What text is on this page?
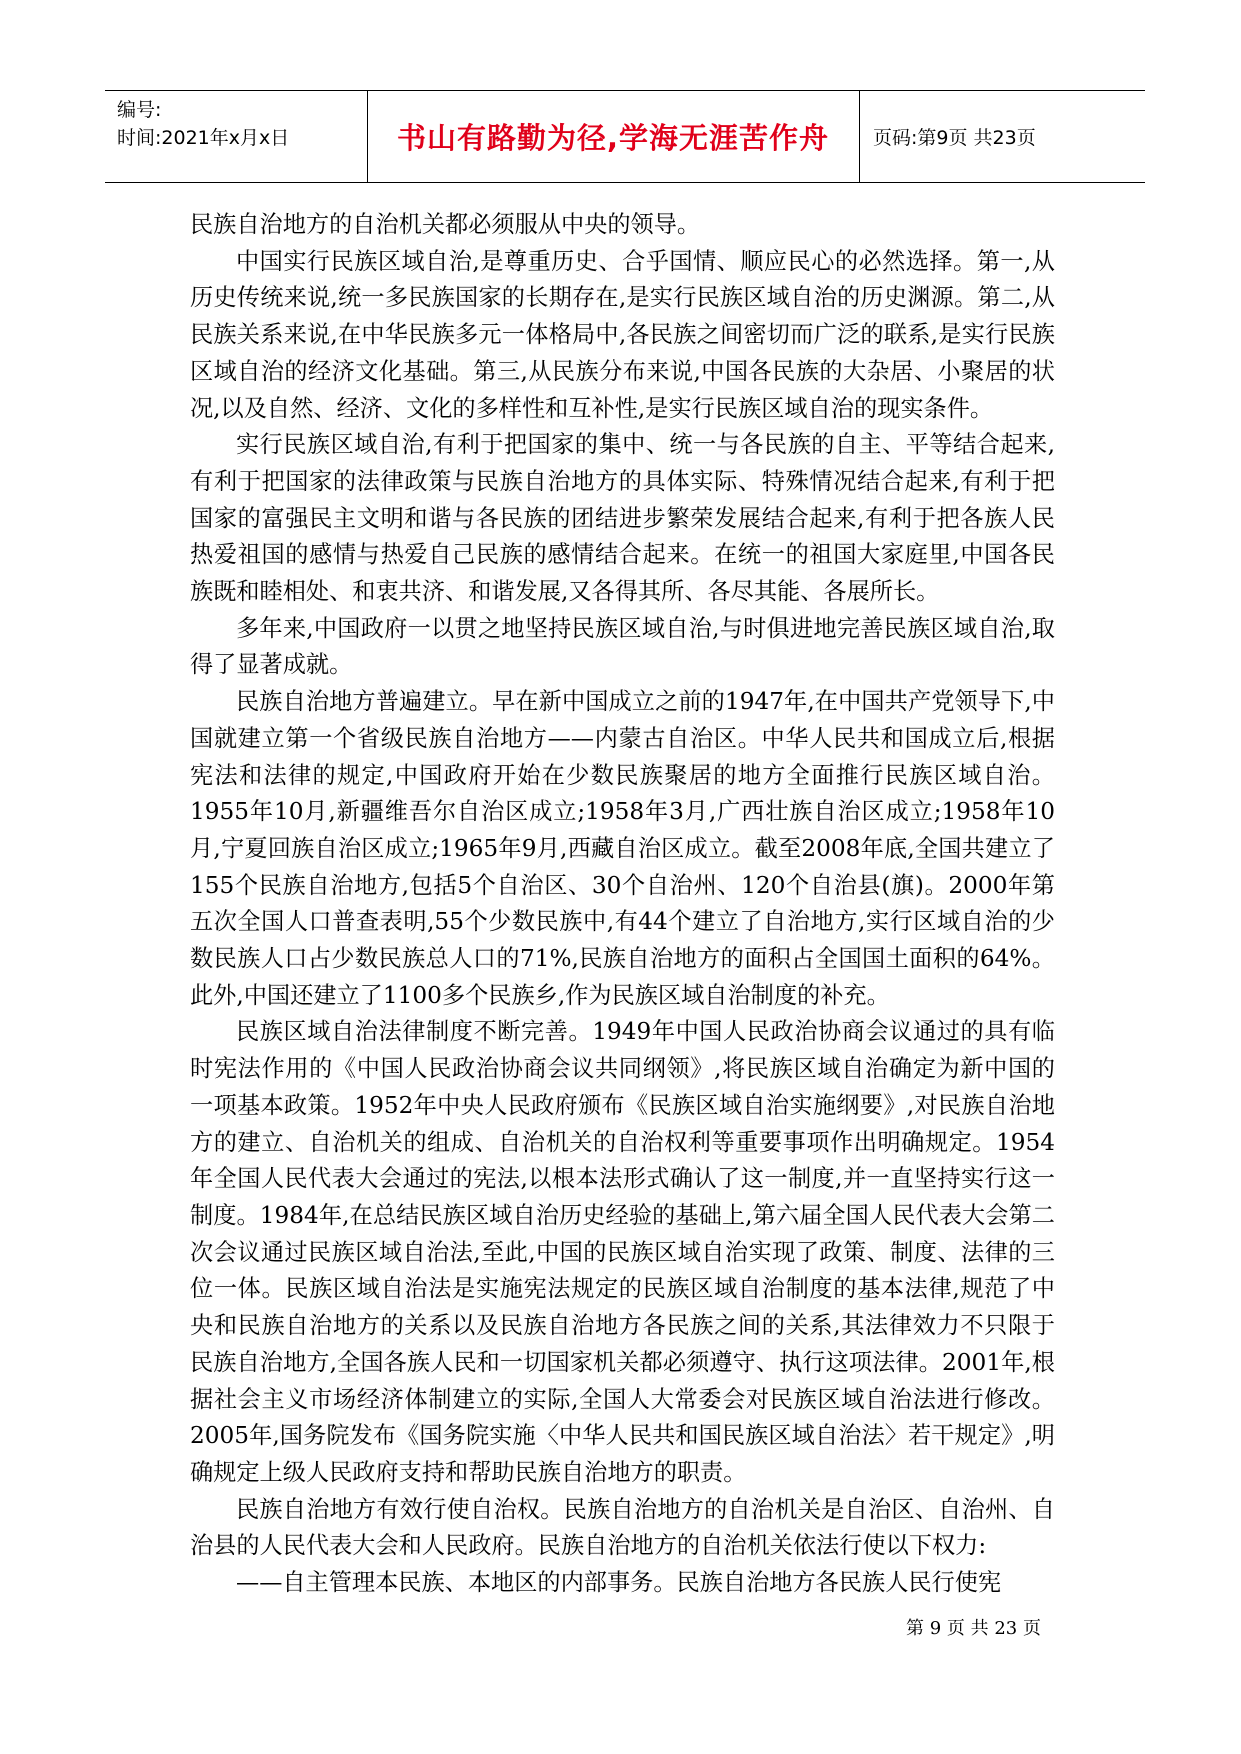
编号:
时间:2021年x月x日	书山有路勤为径,学海无涯苦作舟	页码:第9页 共23页

民族自治地方的自治机关都必须服从中央的领导。

中国实行民族区域自治,是尊重历史、合乎国情、顺应民心的必然选择。第一,从历史传统来说,统一多民族国家的长期存在,是实行民族区域自治的历史渊源。第二,从民族关系来说,在中华民族多元一体格局中,各民族之间密切而广泛的联系,是实行民族区域自治的经济文化基础。第三,从民族分布来说,中国各民族的大杂居、小聚居的状况,以及自然、经济、文化的多样性和互补性,是实行民族区域自治的现实条件。

实行民族区域自治,有利于把国家的集中、统一与各民族的自主、平等结合起来,有利于把国家的法律政策与民族自治地方的具体实际、特殊情况结合起来,有利于把国家的富强民主文明和谐与各民族的团结进步繁荣发展结合起来,有利于把各族人民热爱祖国的感情与热爱自己民族的感情结合起来。在统一的祖国大家庭里,中国各民族既和睦相处、和衷共济、和谐发展,又各得其所、各尽其能、各展所长。

多年来,中国政府一以贯之地坚持民族区域自治,与时俱进地完善民族区域自治,取得了显著成就。

民族自治地方普遍建立。早在新中国成立之前的1947年,在中国共产党领导下,中国就建立第一个省级民族自治地方——内蒙古自治区。中华人民共和国成立后,根据宪法和法律的规定,中国政府开始在少数民族聚居的地方全面推行民族区域自治。1955年10月,新疆维吾尔自治区成立;1958年3月,广西壮族自治区成立;1958年10月,宁夏回族自治区成立;1965年9月,西藏自治区成立。截至2008年底,全国共建立了155个民族自治地方,包括5个自治区、30个自治州、120个自治县(旗)。2000年第五次全国人口普查表明,55个少数民族中,有44个建立了自治地方,实行区域自治的少数民族人口占少数民族总人口的71%,民族自治地方的面积占全国国土面积的64%。此外,中国还建立了1100多个民族乡,作为民族区域自治制度的补充。

民族区域自治法律制度不断完善。1949年中国人民政治协商会议通过的具有临时宪法作用的《中国人民政治协商会议共同纲领》,将民族区域自治确定为新中国的一项基本政策。1952年中央人民政府颁布《民族区域自治实施纲要》,对民族自治地方的建立、自治机关的组成、自治机关的自治权利等重要事项作出明确规定。1954年全国人民代表大会通过的宪法,以根本法形式确认了这一制度,并一直坚持实行这一制度。1984年,在总结民族区域自治历史经验的基础上,第六届全国人民代表大会第二次会议通过民族区域自治法,至此,中国的民族区域自治实现了政策、制度、法律的三位一体。民族区域自治法是实施宪法规定的民族区域自治制度的基本法律,规范了中央和民族自治地方的关系以及民族自治地方各民族之间的关系,其法律效力不只限于民族自治地方,全国各族人民和一切国家机关都必须遵守、执行这项法律。2001年,根据社会主义市场经济体制建立的实际,全国人大常委会对民族区域自治法进行修改。2005年,国务院发布《国务院实施〈中华人民共和国民族区域自治法〉若干规定》,明确规定上级人民政府支持和帮助民族自治地方的职责。

民族自治地方有效行使自治权。民族自治地方的自治机关是自治区、自治州、自治县的人民代表大会和人民政府。民族自治地方的自治机关依法行使以下权力:

——自主管理本民族、本地区的内部事务。民族自治地方各民族人民行使宪

第 9 页 共 23 页
